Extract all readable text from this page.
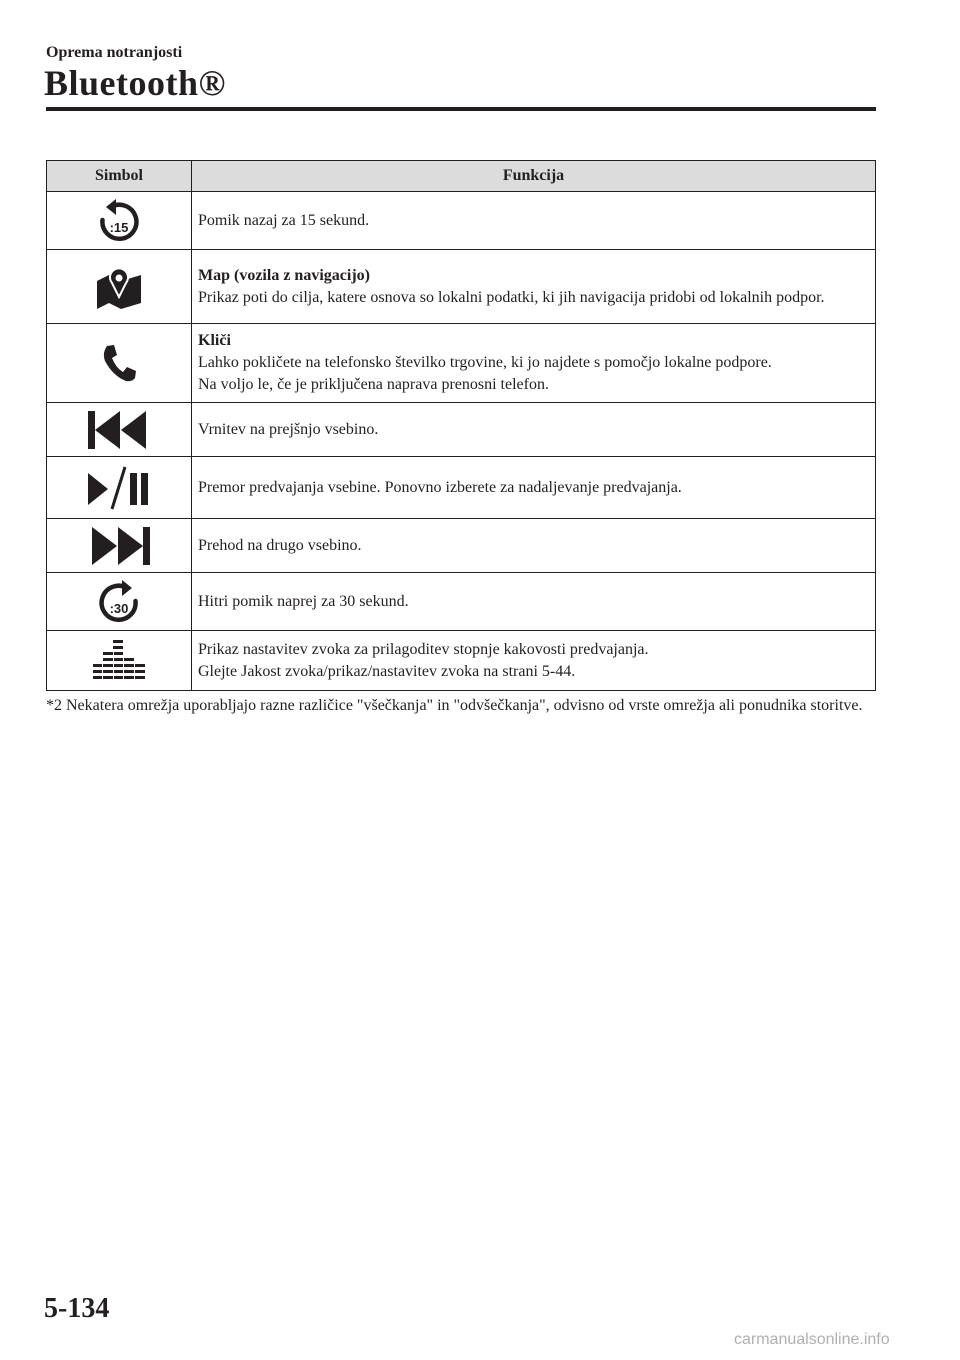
Oprema notranjosti
Bluetooth®
Simbol	Funkcija

:15	Pomik nazaj za 15 sekund.

Map (vozila z navigacijo)
Prikaz poti do cilja, katere osnova so lokalni podatki, ki jih navigacija pridobi od lokalnih podpor.

Kliči
Lahko pokličete na telefonsko številko trgovine, ki jo najdete s pomočjo lokalne podpore.
Na voljo le, če je priključena naprava prenosni telefon.

Vrnitev na prejšnjo vsebino.

Premor predvajanja vsebine. Ponovno izberete za nadaljevanje predvajanja.

Prehod na drugo vsebino.

:30	Hitri pomik naprej za 30 sekund.

Prikaz nastavitev zvoka za prilagoditev stopnje kakovosti predvajanja.
Glejte Jakost zvoka/prikaz/nastavitev zvoka na strani 5-44.
*2 Nekatera omrežja uporabljajo razne različice "všečkanja" in "odvšečkanja", odvisno od vrste omrežja ali ponudnika storitve.
5-134
carmanualsonline.info
